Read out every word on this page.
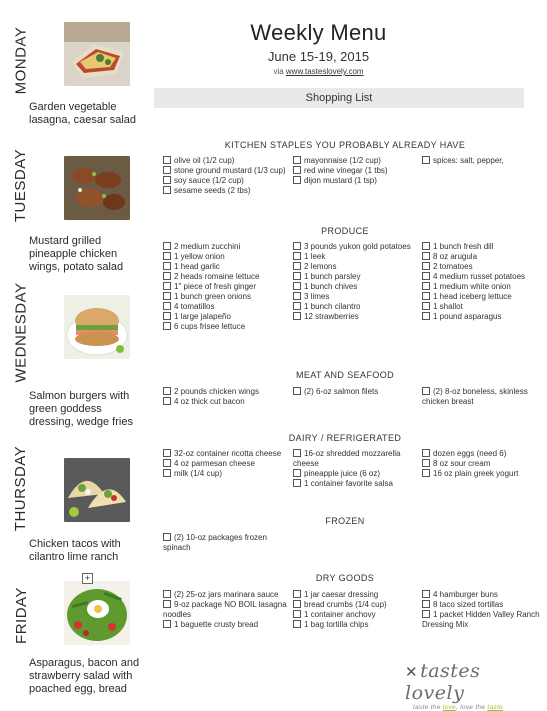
MONDAY
Garden vegetable lasagna, caesar salad
TUESDAY
Mustard grilled pineapple chicken wings, potato salad
WEDNESDAY
Salmon burgers with green goddess dressing, wedge fries
THURSDAY
Chicken tacos with cilantro lime ranch
FRIDAY
Asparagus, bacon and strawberry salad with poached egg, bread
+
Weekly Menu
June 15-19, 2015
via www.tasteslovely.com
Shopping List
KITCHEN STAPLES YOU PROBABLY ALREADY HAVE
olive oil (1/2 cup)
stone ground mustard (1/3 cup)
soy sauce (1/2 cup)
sesame seeds (2 tbs)
mayonnaise (1/2 cup)
red wine vinegar (1 tbs)
dijon mustard (1 tsp)
spices: salt, pepper,
PRODUCE
2 medium zucchini
1 yellow onion
1 head garlic
2 heads romaine lettuce
1" piece of fresh ginger
1 bunch green onions
4 tomatillos
1 large jalapeño
6 cups frisee lettuce
3 pounds yukon gold potatoes
1 leek
2 lemons
1 bunch parsley
1 bunch chives
3 limes
1 bunch cilantro
12 strawberries
1 bunch fresh dill
8 oz arugula
2 tomatoes
4 medium russet potatoes
1 medium white onion
1 head iceberg lettuce
1 shallot
1 pound asparagus
MEAT AND SEAFOOD
2 pounds chicken wings
4 oz thick cut bacon
(2) 6-oz salmon filets	(2) 8-oz boneless, skinless chicken breast
DAIRY / REFRIGERATED
32-oz container ricotta cheese
4 oz parmesan cheese
milk (1/4 cup)
16-oz shredded mozzarella cheese
pineapple juice (6 oz)
1 container favorite salsa
dozen eggs (need 6)
8 oz sour cream
16 oz plain greek yogurt
FROZEN
(2) 10-oz packages frozen spinach
DRY GOODS
(2) 25-oz jars marinara sauce
9-oz package NO BOIL lasagna noodles
1 baguette crusty bread
1 jar caesar dressing
bread crumbs (1/4 cup)
1 container anchovy
1 bag tortilla chips
4 hamburger buns
8 taco sized tortillas
1 packet Hidden Valley Ranch Dressing Mix
✕ tastes lovely
taste the love, love the taste
